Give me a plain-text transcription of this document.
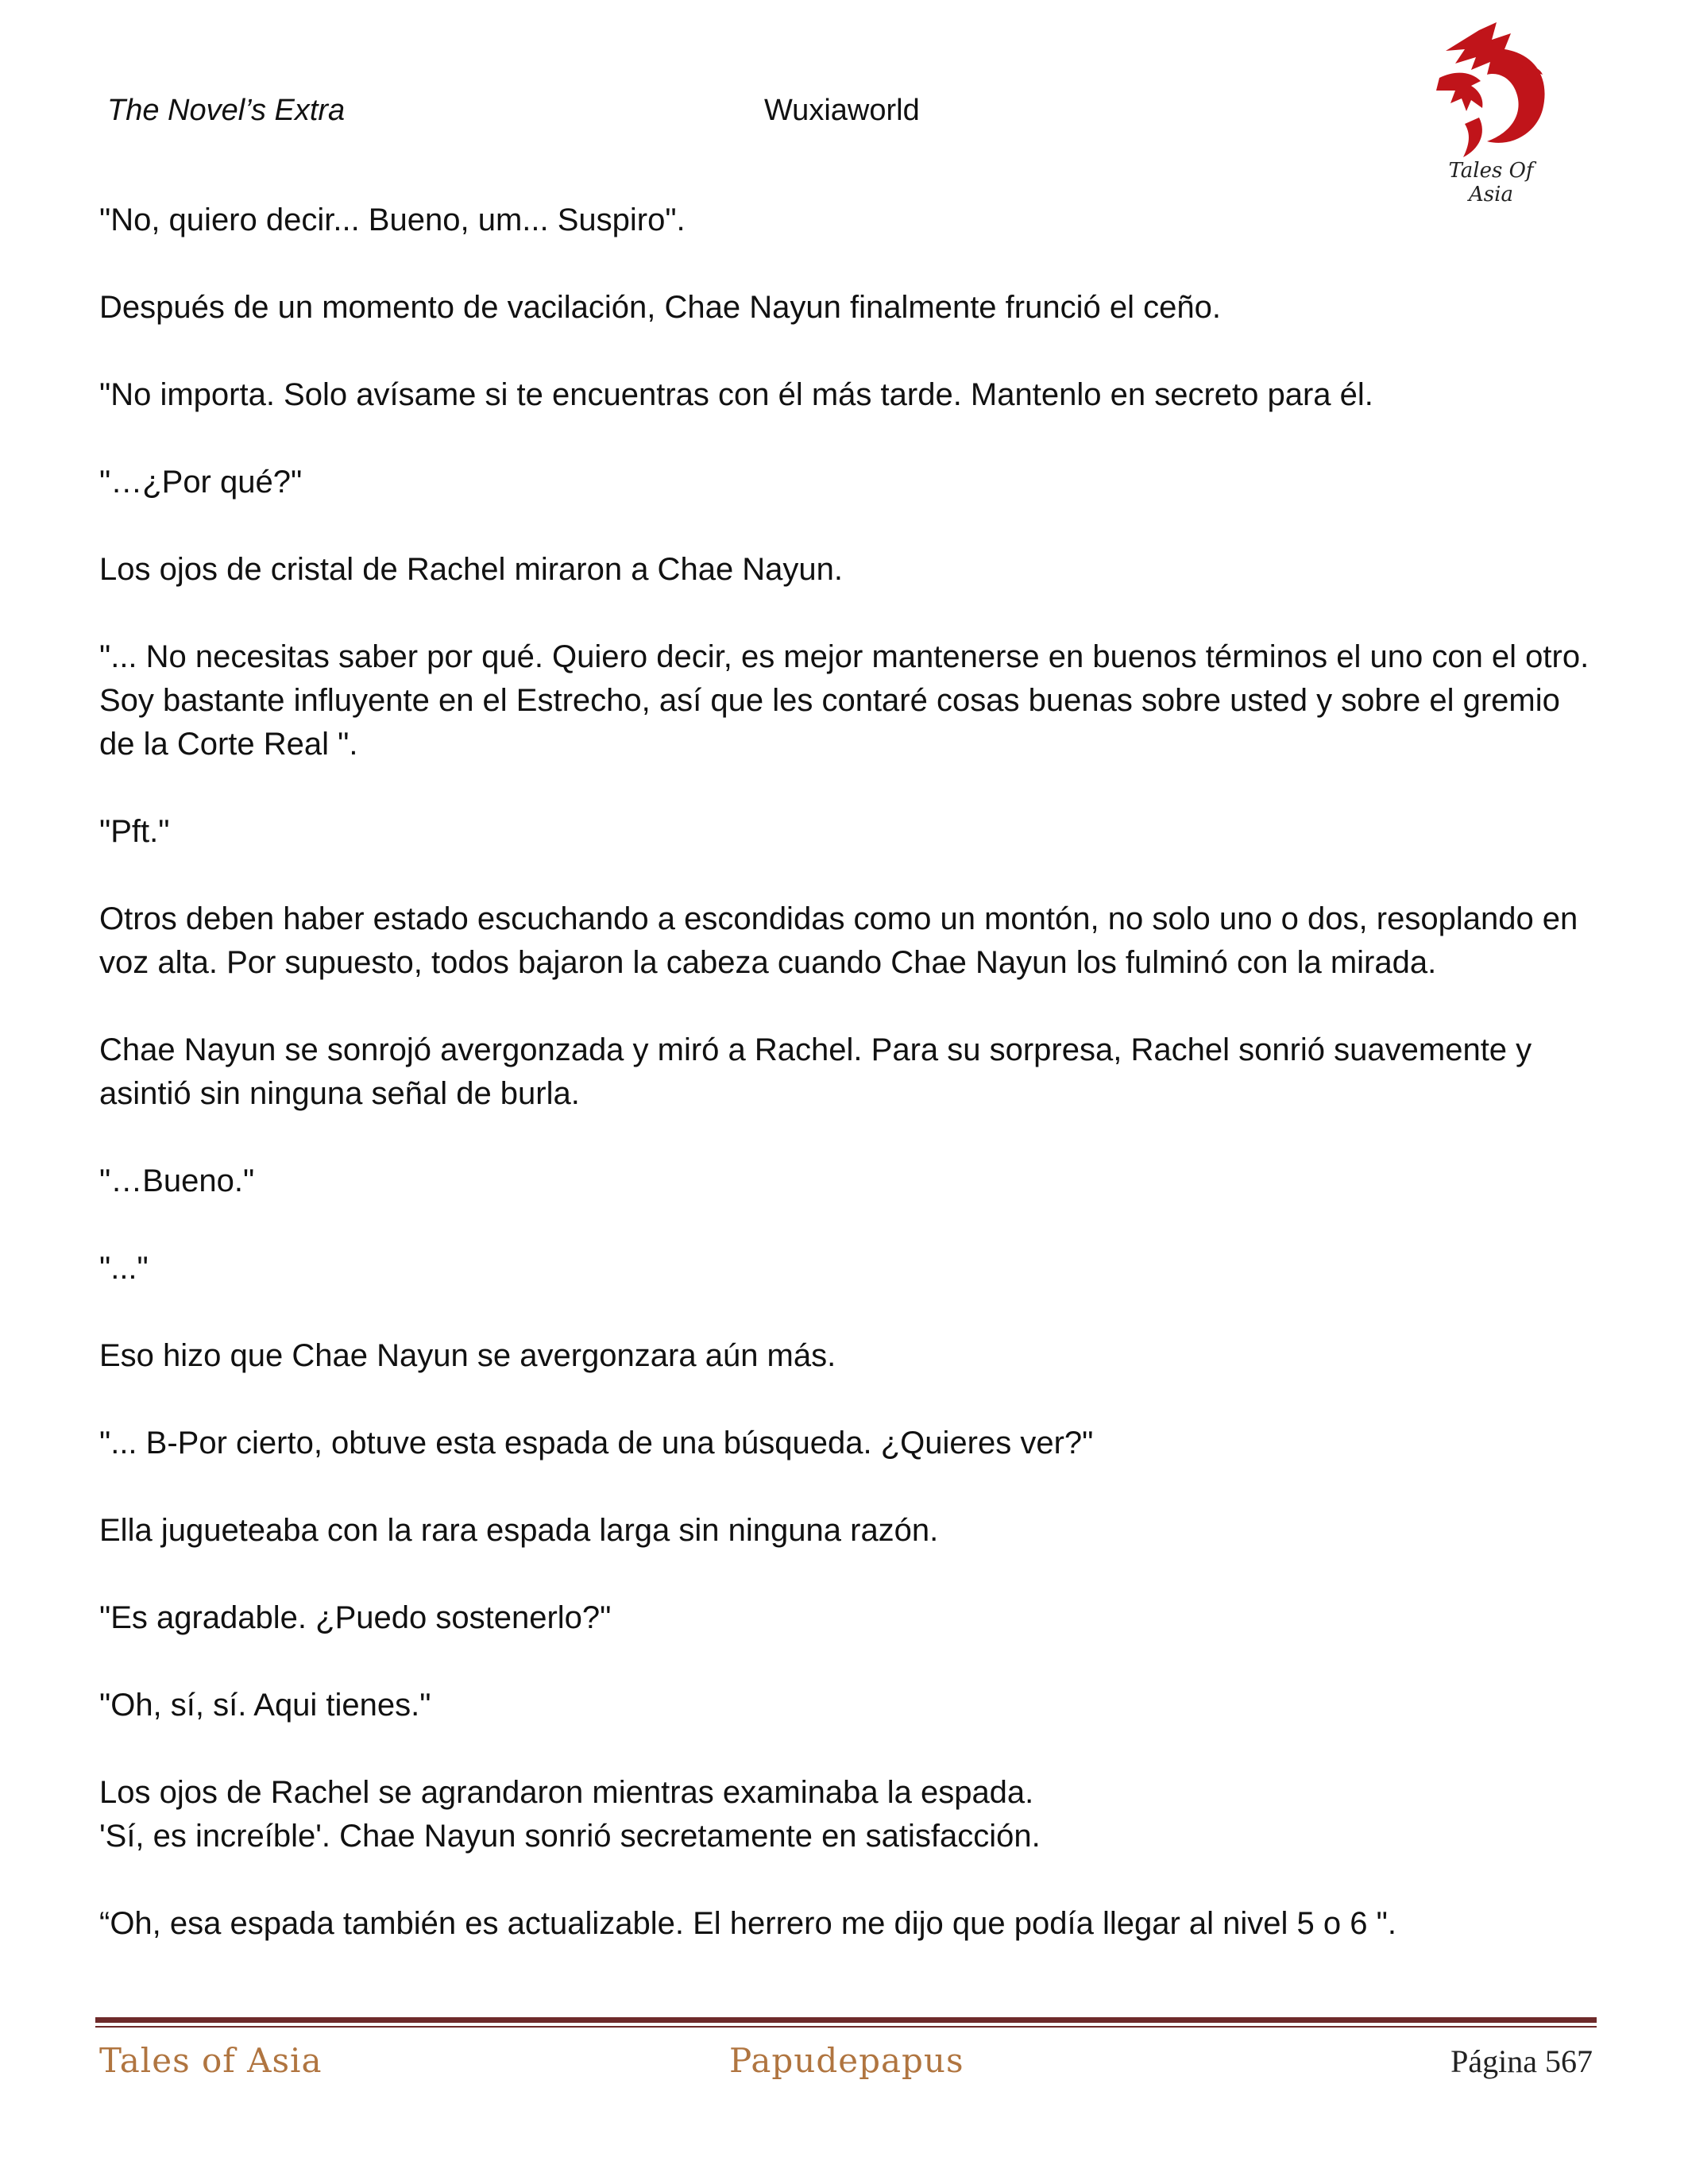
The Novel’s Extra	Wuxiaworld
Tales Of Asia

"No, quiero decir... Bueno, um... Suspiro".

Después de un momento de vacilación, Chae Nayun finalmente frunció el ceño.

"No importa. Solo avísame si te encuentras con él más tarde. Mantenlo en secreto para él.

"…¿Por qué?"

Los ojos de cristal de Rachel miraron a Chae Nayun.

"... No necesitas saber por qué. Quiero decir, es mejor mantenerse en buenos términos el uno con el otro. Soy bastante influyente en el Estrecho, así que les contaré cosas buenas sobre usted y sobre el gremio de la Corte Real ".

"Pft."

Otros deben haber estado escuchando a escondidas como un montón, no solo uno o dos, resoplando en voz alta. Por supuesto, todos bajaron la cabeza cuando Chae Nayun los fulminó con la mirada.

Chae Nayun se sonrojó avergonzada y miró a Rachel. Para su sorpresa, Rachel sonrió suavemente y asintió sin ninguna señal de burla.

"…Bueno."

"..."

Eso hizo que Chae Nayun se avergonzara aún más.

"... B-Por cierto, obtuve esta espada de una búsqueda. ¿Quieres ver?"

Ella jugueteaba con la rara espada larga sin ninguna razón.

"Es agradable. ¿Puedo sostenerlo?"

"Oh, sí, sí. Aqui tienes."

Los ojos de Rachel se agrandaron mientras examinaba la espada.

'Sí, es increíble'. Chae Nayun sonrió secretamente en satisfacción.

“Oh, esa espada también es actualizable. El herrero me dijo que podía llegar al nivel 5 o 6 ".

Tales of Asia	Papudepapus	Página 567
